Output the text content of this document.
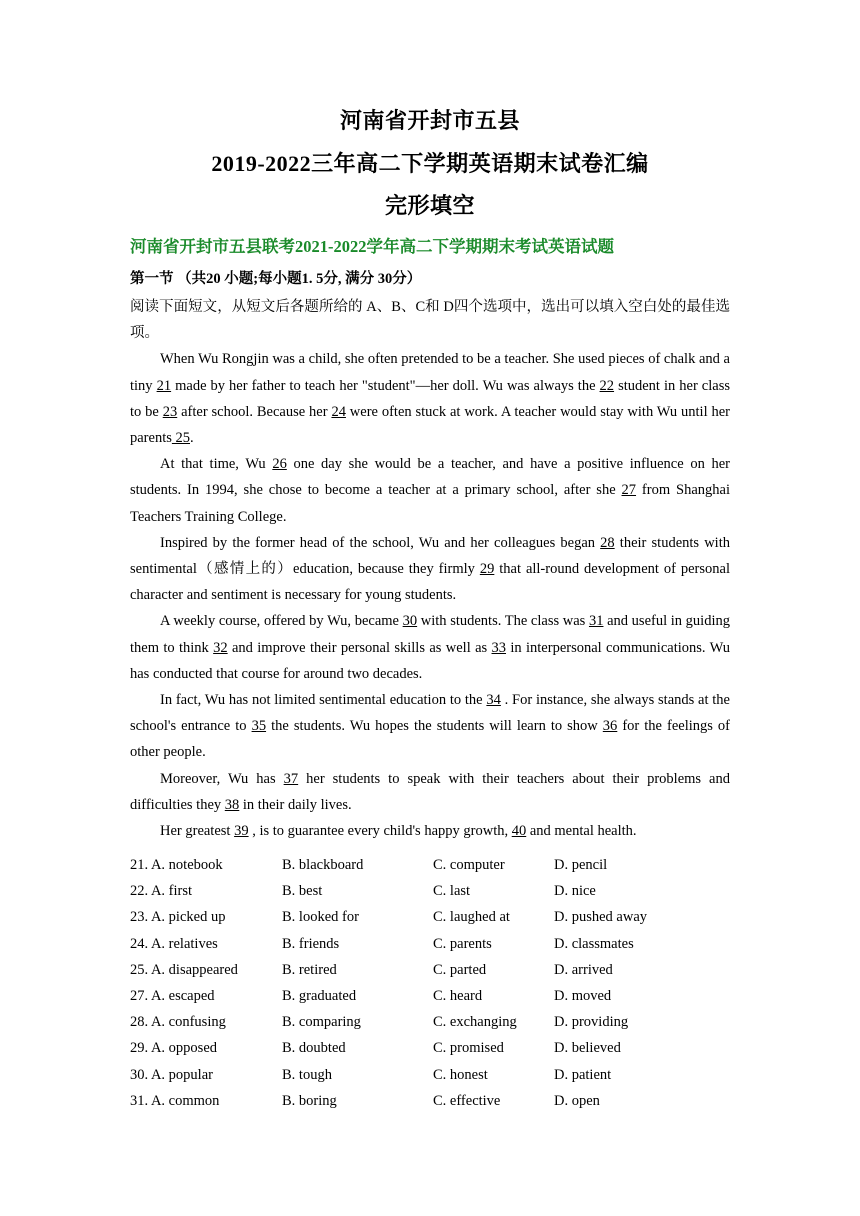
河南省开封市五县
2019-2022三年高二下学期英语期末试卷汇编
完形填空
河南省开封市五县联考2021-2022学年高二下学期期末考试英语试题
第一节 （共20 小题;每小题1. 5分, 满分 30分）

阅读下面短文，从短文后各题所给的 A、B、C和 D四个选项中，选出可以填入空白处的最佳选项。

When Wu Rongjin was a child, she often pretended to be a teacher. She used pieces of chalk and a tiny 21 made by her father to teach her "student"—her doll. Wu was always the 22 student in her class to be 23 after school. Because her 24 were often stuck at work. A teacher would stay with Wu until her parents 25.

At that time, Wu 26 one day she would be a teacher, and have a positive influence on her students. In 1994, she chose to become a teacher at a primary school, after she 27 from Shanghai Teachers Training College.

Inspired by the former head of the school, Wu and her colleagues began 28 their students with sentimental（感情上的）education, because they firmly 29 that all-round development of personal character and sentiment is necessary for young students.

A weekly course, offered by Wu, became 30 with students. The class was 31 and useful in guiding them to think 32 and improve their personal skills as well as 33 in interpersonal communications. Wu has conducted that course for around two decades.

In fact, Wu has not limited sentimental education to the 34 . For instance, she always stands at the school's entrance to 35 the students. Wu hopes the students will learn to show 36 for the feelings of other people.

Moreover, Wu has 37 her students to speak with their teachers about their problems and difficulties they 38 in their daily lives.

Her greatest 39 , is to guarantee every child's happy growth, 40 and mental health.

21. A. notebook	B. blackboard	C. computer	D. pencil
22. A. first	B. best	C. last	D. nice
23. A. picked up	B. looked for	C. laughed at	D. pushed away
24. A. relatives	B. friends	C. parents	D. classmates
25. A. disappeared	B. retired	C. parted	D. arrived
27. A. escaped	B. graduated	C. heard	D. moved
28. A. confusing	B. comparing	C. exchanging	D. providing
29. A. opposed	B. doubted	C. promised	D. believed
30. A. popular	B. tough	C. honest	D. patient
31. A. common	B. boring	C. effective	D. open
